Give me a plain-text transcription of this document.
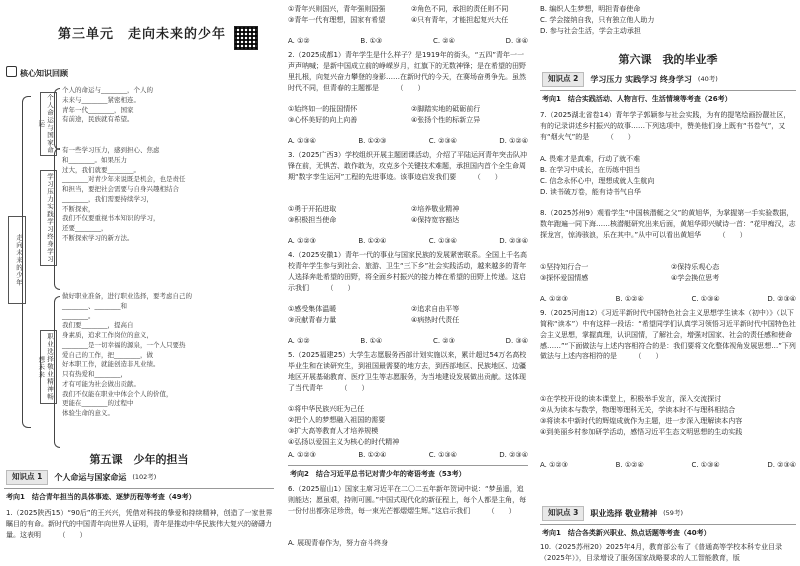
第三单元　走向未来的少年
核心知识回顾
走向未来的少年
个人命运与国家命运
个人的命运与________，个人的
未来与________紧密相连。
青年一代________，国家
有前途，民族就有希望。
学习压力实践学习终身学习
有一些学习压力，感到担心、焦虑
和________。如果压力
过大，我们就要________。
________对青少年来说既是机会，也是责任
和担当，要把社会需要与自身兴趣相结合
________，我们需要持续学习，
不断探索，
我们不仅要重视书本知识的学习，
还要________，
不断探索学习的新方法。
职业选择敬业精神畅想未来
做好职业准备，进行职业选择，要考虑自己的
________、________和
________。
我们要________，提高自
身素质，追求工作岗位的意义，
________是一切幸福的源泉，一个人只要热
爱自己的工作，把________，做
好本职工作，就能创造非凡业绩。
只有热爱和________，
才有可能为社会做出贡献。
我们不仅能在职业中体会个人的价值，
更能在________的过程中
体验生命的意义。
第五课　少年的担当
知识点 1	个人命运与国家命运 (102考)
考向1　结合青年担当的具体事迹、逐梦历程等考查（49考）
1.（2025陕西15）“90后”的王兴兴，凭借对科技的挚爱和持续精神，创造了一家世界瞩目的有命。新时代的中国青年向世界人证明，青年是推动中华民族伟大复兴的磅礴力量。这表明　　　（　　）
①青年兴则国兴，青年强则国强	②角色不同，承担的责任则不同
③青年一代有理想，国家有希望	④只有青年，才能担起复兴大任
A. ①②	B. ①③	C. ②④	D. ③④
2.（2025成都1）青年学生是什么样子？是1919年的街头，“五四”青年一一声声呐喊；是新中国成立前的峥嵘岁月，红旗下的无数神锋；是在希望的田野里扎根，向复兴奋力攀登的身影……在新时代的今天，在赛场奋勇争先。虽然时代不同，但青春的主题都是　　　（　　）
①始终如一的报国情怀	②脚踏实地的砥砺前行
③心怀美好的向上向善	④张扬个性的标新立异
A. ①③④	B. ①②③	C. ②③④	D. ①②④
3.（2025广西3）学校组织开展主题团课活动，介绍了平陆运河青年突击队冲锋在前，无惧苦、敢作敢为，攻克多个关键技术难题，承担国内首个全生命周期“数字孪生运河”工程的先进事迹。该事迹启发我们要　　　（　　）
①勇于开拓进取	②培养敬业精神
③积极担当使命	④保持宽容豁达
A. ①②③	B. ①②④	C. ①③④	D. ②③④
4.（2025安徽1）青年一代的事业与国家民族的发展紧密联系。全国上千名高校青年学生参与到社会、旅游、卫生“三下乡”社会实践活动，越来越多的青年人选择奔赴希望的田野，将全面乡村振兴的接力棒在希望的田野上传递。这启示我们　　　（　　）
①感受集体温暖	②追求自由平等
③贡献青春力量	④病热时代责任
A. ①②	B. ①④	C. ②③	D. ③④
5.（2025福建25）大学生志愿服务西部计划实施以来，累计超过54万名高校毕业生和在读研究生，到祖国最需要的地方去，到西部地区、民族地区、边疆地区开展基础教育、医疗卫生等志愿服务，为当地建设发展做出贡献。这体现了当代青年　　　（　　）
①将中华民族兴旺为己任
②把个人的梦想融入祖国的需要
③扩大高等教育人才培养规模
④弘扬以爱国主义为核心的时代精神
A. ①②③	B. ①②④	C. ①③④	D. ②③④
考向2　结合习近平总书记对青少年的寄语考查（53考）
6.（2025眉山1）国家主席习近平在二〇二五年新年贺词中说：“梦虽遥，追则能达；愿虽艰，持则可圆。”中国式现代化的新征程上，每个人都是主角，每一份付出都弥足珍贵，每一束光芒都熠熠生辉。”这启示我们　　　（　　）
A. 展现青春作为，努力奋斗终身
B. 编织人生梦想，明担青春使命
C. 学会接纳自我，只有独立他人助力
D. 参与社会生活，学会主动承担
第六课　我的毕业季
知识点 2	学习压力 实践学习 终身学习 (40考)
考向1　结合实践活动、人物言行、生活情境等考查（26考）
7.（2025湖北省卷14）青年学子郭颖参与社会实践，为有的提笔绘画扮靓社区，有的记录讲述乡村振兴的故事……下列选项中，赞美他们身上既有“书卷气”，又有“烟火气”的是　　　（　　）
A. 畏难才是真难，行动了就不难
B. 在学习中成长，在历练中担当
C. 信念永怀心中，理想成就人生航向
D. 读书破万卷，能有诗书气自华
8.（2025苏州9）观看学生“中国核潜艇之父”的黄旭华，为掌握第一手实验数据，数年跑遍一同下海……核潜艇研究出来后面，黄旭华即兴赋诗一首：“花甲痴汉，志探龙宫，惊涛骇浪，乐在其中。”从中可以看出黄旭华　　　（　　）
①坚持知行合一	②保持乐观心态
③探怀爱国情感	④学会换位思考
A. ①②③	B. ①②④	C. ①③④	D. ②③④
9.（2025河南12）《习近平新时代中国特色社会主义思想学生读本（初中）》（以下简称“读本”）中有这样一段话：“希望同学们认真学习领悟习近平新时代中国特色社会主义思想，掌握真理，认识国情，了解社会，增强对国家、社会的责任感和使命感……”“下面做法与上述内容相符合的是：我们要将文化整体视角发展思想…”下列做法与上述内容相符的是　　　（　　）
①在学校开设的读本课堂上，积极举手发言，深入交流探讨
②从为读本与数学，物理等理科无关，学读本时不与理科相结合
③将读本中新时代的辉煌成就作为主题，进一步深入理解读本内容
④到美丽乡村参加研学活动，感悟习近平生态文明思想的生动实践
A. ①②③	B. ①②④	C. ①③④	D. ②③④
知识点 3	职业选择 敬业精神 (59考)
考向1　结合各类新兴职业、热点话题等考查（40考）
10.（2025苏州20）2025年4月，教育部公布了《普通高等学校本科专业目录（2025年）》，目录增设了服务国家战略要求的人工智能教育，版
